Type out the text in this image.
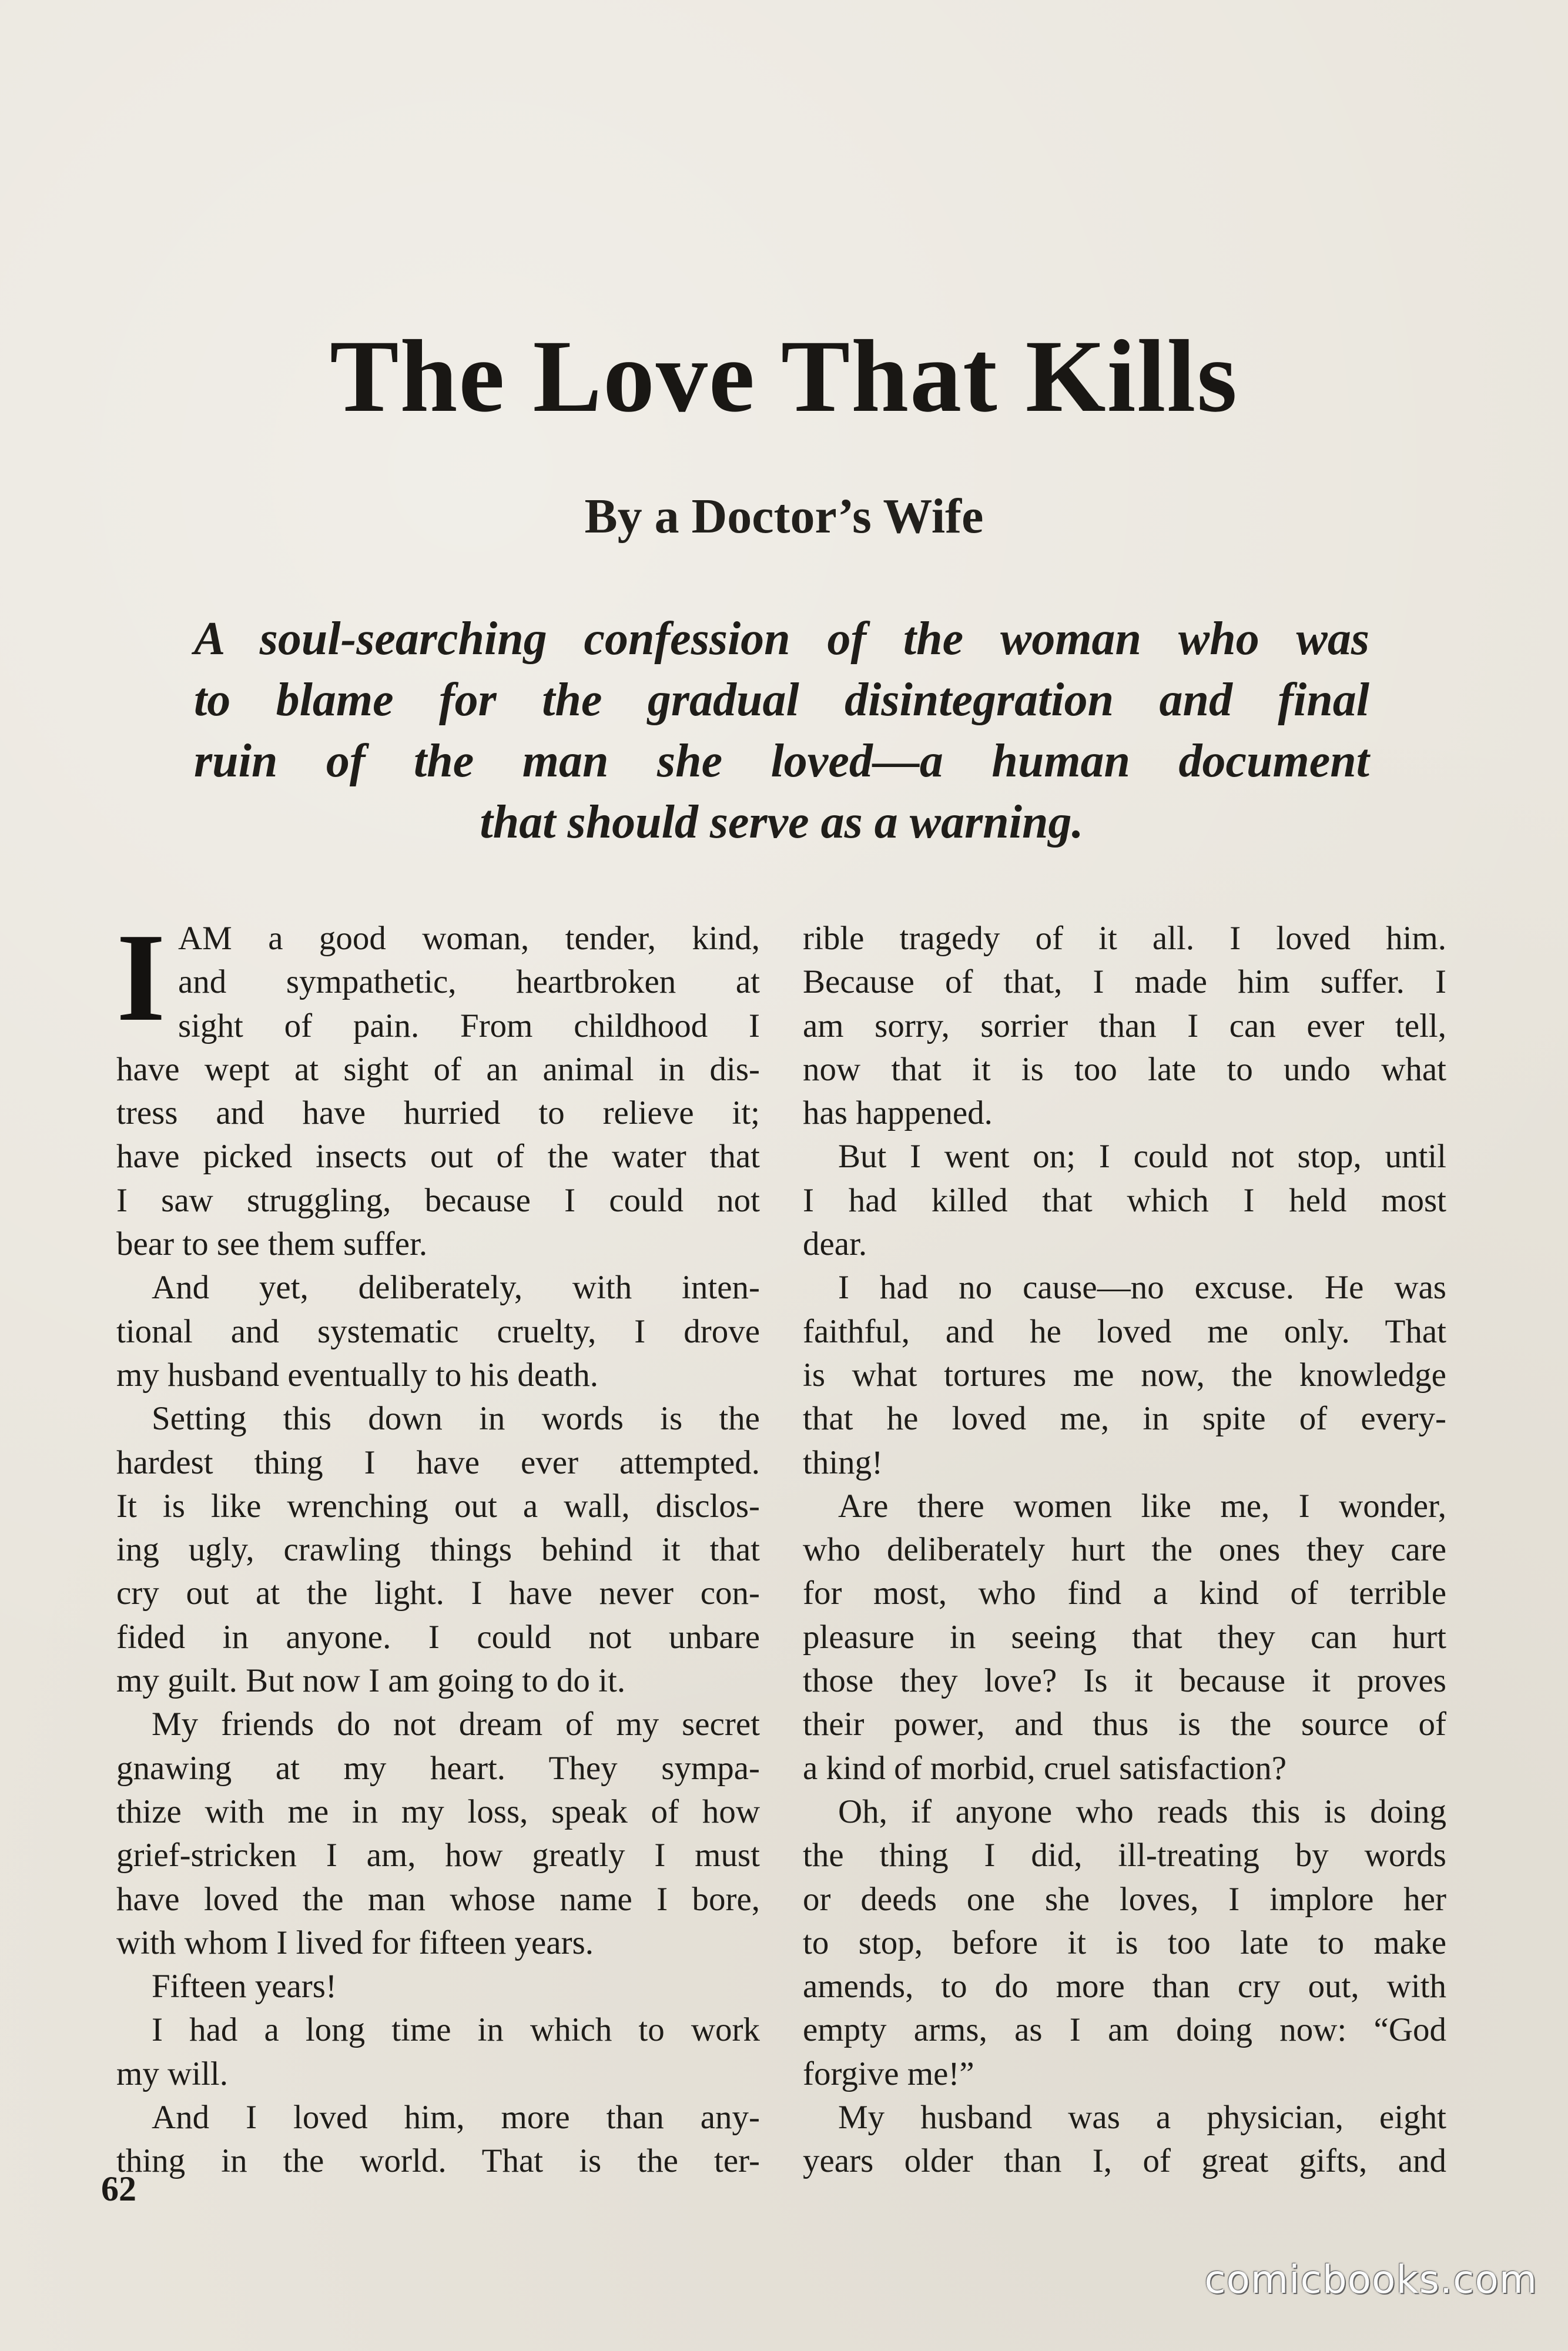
The Love That Kills
By a Doctor’s Wife
A soul-searching confession of the woman who was
to blame for the gradual disintegration and final
ruin of the man she loved—a human document
that should serve as a warning.
I AM a good woman, tender, kind,
and sympathetic, heartbroken at
sight of pain. From childhood I
have wept at sight of an animal in dis-
tress and have hurried to relieve it;
have picked insects out of the water that
I saw struggling, because I could not
bear to see them suffer.
And yet, deliberately, with inten-
tional and systematic cruelty, I drove
my husband eventually to his death.
Setting this down in words is the
hardest thing I have ever attempted.
It is like wrenching out a wall, disclos-
ing ugly, crawling things behind it that
cry out at the light. I have never con-
fided in anyone. I could not unbare
my guilt. But now I am going to do it.
My friends do not dream of my secret
gnawing at my heart. They sympa-
thize with me in my loss, speak of how
grief-stricken I am, how greatly I must
have loved the man whose name I bore,
with whom I lived for fifteen years.
Fifteen years!
I had a long time in which to work
my will.
And I loved him, more than any-
thing in the world. That is the ter-
rible tragedy of it all. I loved him.
Because of that, I made him suffer. I
am sorry, sorrier than I can ever tell,
now that it is too late to undo what
has happened.
But I went on; I could not stop, until
I had killed that which I held most
dear.
I had no cause—no excuse. He was
faithful, and he loved me only. That
is what tortures me now, the knowledge
that he loved me, in spite of every-
thing!
Are there women like me, I wonder,
who deliberately hurt the ones they care
for most, who find a kind of terrible
pleasure in seeing that they can hurt
those they love? Is it because it proves
their power, and thus is the source of
a kind of morbid, cruel satisfaction?
Oh, if anyone who reads this is doing
the thing I did, ill-treating by words
or deeds one she loves, I implore her
to stop, before it is too late to make
amends, to do more than cry out, with
empty arms, as I am doing now: “God
forgive me!”
My husband was a physician, eight
years older than I, of great gifts, and
62
comicbooks.com
